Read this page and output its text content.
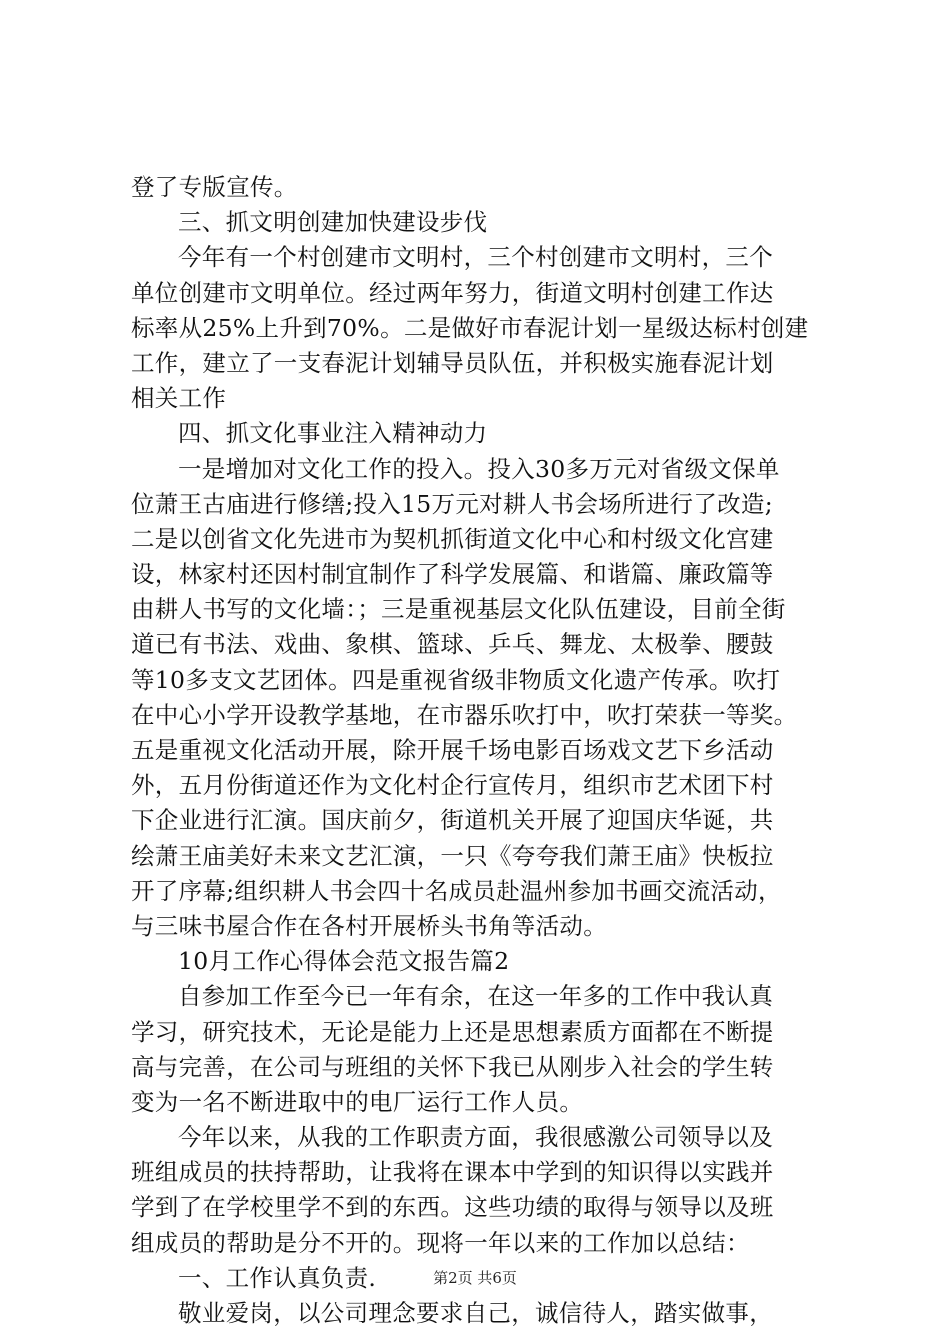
登了专版宣传。
三、抓文明创建加快建设步伐
今年有一个村创建市文明村，三个村创建市文明村，三个
单位创建市文明单位。经过两年努力，街道文明村创建工作达
标率从25%上升到70%。二是做好市春泥计划一星级达标村创建
工作，建立了一支春泥计划辅导员队伍，并积极实施春泥计划
相关工作
四、抓文化事业注入精神动力
一是增加对文化工作的投入。投入30多万元对省级文保单
位萧王古庙进行修缮;投入15万元对耕人书会场所进行了改造;
二是以创省文化先进市为契机抓街道文化中心和村级文化宫建
设，林家村还因村制宜制作了科学发展篇、和谐篇、廉政篇等
由耕人书写的文化墙：；三是重视基层文化队伍建设，目前全街
道已有书法、戏曲、象棋、篮球、乒乓、舞龙、太极拳、腰鼓
等10多支文艺团体。四是重视省级非物质文化遗产传承。吹打
在中心小学开设教学基地，在市器乐吹打中，吹打荣获一等奖。
五是重视文化活动开展，除开展千场电影百场戏文艺下乡活动
外，五月份街道还作为文化村企行宣传月，组织市艺术团下村
下企业进行汇演。国庆前夕，街道机关开展了迎国庆华诞，共
绘萧王庙美好未来文艺汇演，一只《夸夸我们萧王庙》快板拉
开了序幕;组织耕人书会四十名成员赴温州参加书画交流活动，
与三味书屋合作在各村开展桥头书角等活动。
10月工作心得体会范文报告篇2
自参加工作至今已一年有余，在这一年多的工作中我认真
学习，研究技术，无论是能力上还是思想素质方面都在不断提
高与完善，在公司与班组的关怀下我已从刚步入社会的学生转
变为一名不断进取中的电厂运行工作人员。
今年以来，从我的工作职责方面，我很感激公司领导以及
班组成员的扶持帮助，让我将在课本中学到的知识得以实践并
学到了在学校里学不到的东西。这些功绩的取得与领导以及班
组成员的帮助是分不开的。现将一年以来的工作加以总结：
一、工作认真负责.
敬业爱岗，以公司理念要求自己，诚信待人，踏实做事，
第2页 共6页
